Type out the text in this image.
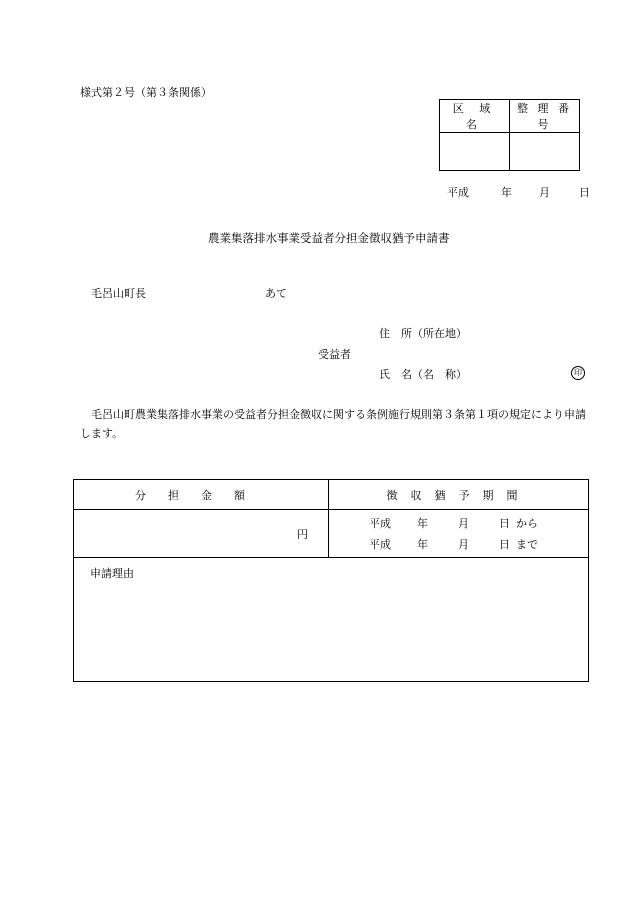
様式第２号（第３条関係）
区 域 名	整 理 番 号

平成	年 月	日
農業集落排水事業受益者分担金徴収猶予申請書
毛呂山町長	あて
住　所（所在地）
受益者
氏　名（名　称）	印

毛呂山町農業集落排水事業の受益者分担金徴収に関する条例施行規則第３条第１項の規定により申請します。

分担金額	徴収猶予期間
円	平成 年 月 日 から
平成 年 月 日 まで

申請理由	
